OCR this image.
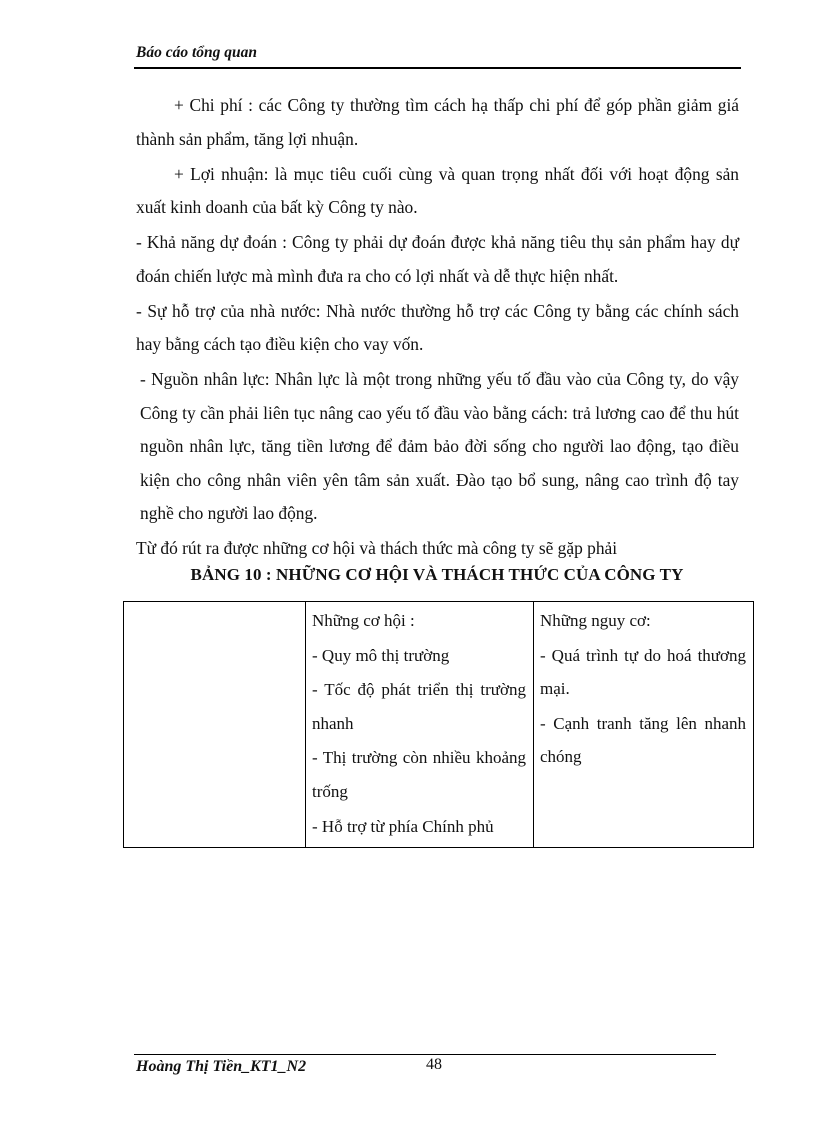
Báo cáo tổng quan

+ Chi phí : các Công ty thường tìm cách hạ thấp chi phí để góp phần giảm giá thành sản phẩm, tăng lợi nhuận.

+ Lợi nhuận: là mục tiêu cuối cùng và quan trọng nhất đối với hoạt động sản xuất kinh doanh của bất kỳ Công ty nào.

- Khả năng dự đoán : Công ty phải dự đoán được khả năng tiêu thụ sản phẩm hay dự đoán chiến lược mà mình đưa ra cho có lợi nhất và dễ thực hiện nhất.

- Sự hỗ trợ của nhà nước: Nhà nước thường hỗ trợ các Công ty bằng các chính sách hay bằng cách tạo điều kiện cho vay vốn.

- Nguồn nhân lực: Nhân lực là một trong những yếu tố đầu vào của Công ty, do vậy Công ty cần phải liên tục nâng cao yếu tố đầu vào bằng cách: trả lương cao để thu hút nguồn nhân lực, tăng tiền lương để đảm bảo đời sống cho người lao động, tạo điều kiện cho công nhân viên yên tâm sản xuất. Đào tạo bổ sung, nâng cao trình độ tay nghề cho người lao động.

Từ đó rút ra được những cơ hội và thách thức mà công ty sẽ gặp phải

BẢNG 10 : NHỮNG CƠ HỘI VÀ THÁCH THỨC CỦA CÔNG TY

Những cơ hội :
- Quy mô thị trường
- Tốc độ phát triển thị trường nhanh
- Thị trường còn nhiều khoảng trống
- Hỗ trợ từ phía Chính phủ

Những nguy cơ:
- Quá trình tự do hoá thương mại.
- Cạnh tranh tăng lên nhanh chóng
Hoàng Thị Tiền_KT1_N2	48
